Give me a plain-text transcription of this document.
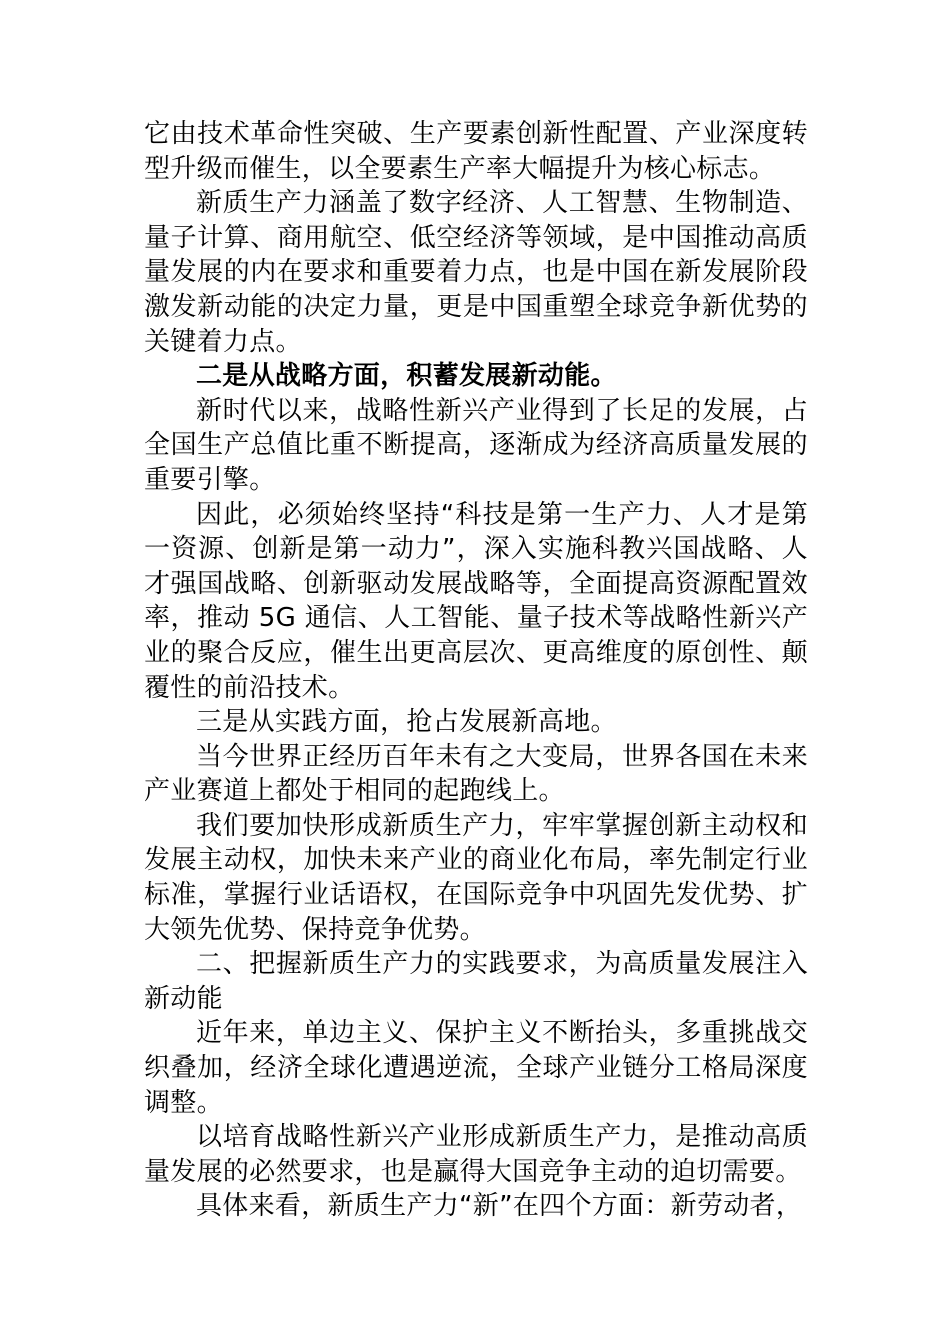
它由技术革命性突破、生产要素创新性配置、产业深度转型升级而催生，以全要素生产率大幅提升为核心标志。

新质生产力涵盖了数字经济、人工智慧、生物制造、量子计算、商用航空、低空经济等领域，是中国推动高质量发展的内在要求和重要着力点，也是中国在新发展阶段激发新动能的决定力量，更是中国重塑全球竞争新优势的关键着力点。

二是从战略方面，积蓄发展新动能。

新时代以来，战略性新兴产业得到了长足的发展，占全国生产总值比重不断提高，逐渐成为经济高质量发展的重要引擎。

因此，必须始终坚持“科技是第一生产力、人才是第一资源、创新是第一动力”，深入实施科教兴国战略、人才强国战略、创新驱动发展战略等，全面提高资源配置效率，推动 5G 通信、人工智能、量子技术等战略性新兴产业的聚合反应，催生出更高层次、更高维度的原创性、颠覆性的前沿技术。

三是从实践方面，抢占发展新高地。

当今世界正经历百年未有之大变局，世界各国在未来产业赛道上都处于相同的起跑线上。

我们要加快形成新质生产力，牢牢掌握创新主动权和发展主动权，加快未来产业的商业化布局，率先制定行业标准，掌握行业话语权，在国际竞争中巩固先发优势、扩大领先优势、保持竞争优势。

二、把握新质生产力的实践要求，为高质量发展注入新动能

近年来，单边主义、保护主义不断抬头，多重挑战交织叠加，经济全球化遭遇逆流，全球产业链分工格局深度调整。

以培育战略性新兴产业形成新质生产力，是推动高质量发展的必然要求，也是赢得大国竞争主动的迫切需要。

具体来看，新质生产力“新”在四个方面：新劳动者，
